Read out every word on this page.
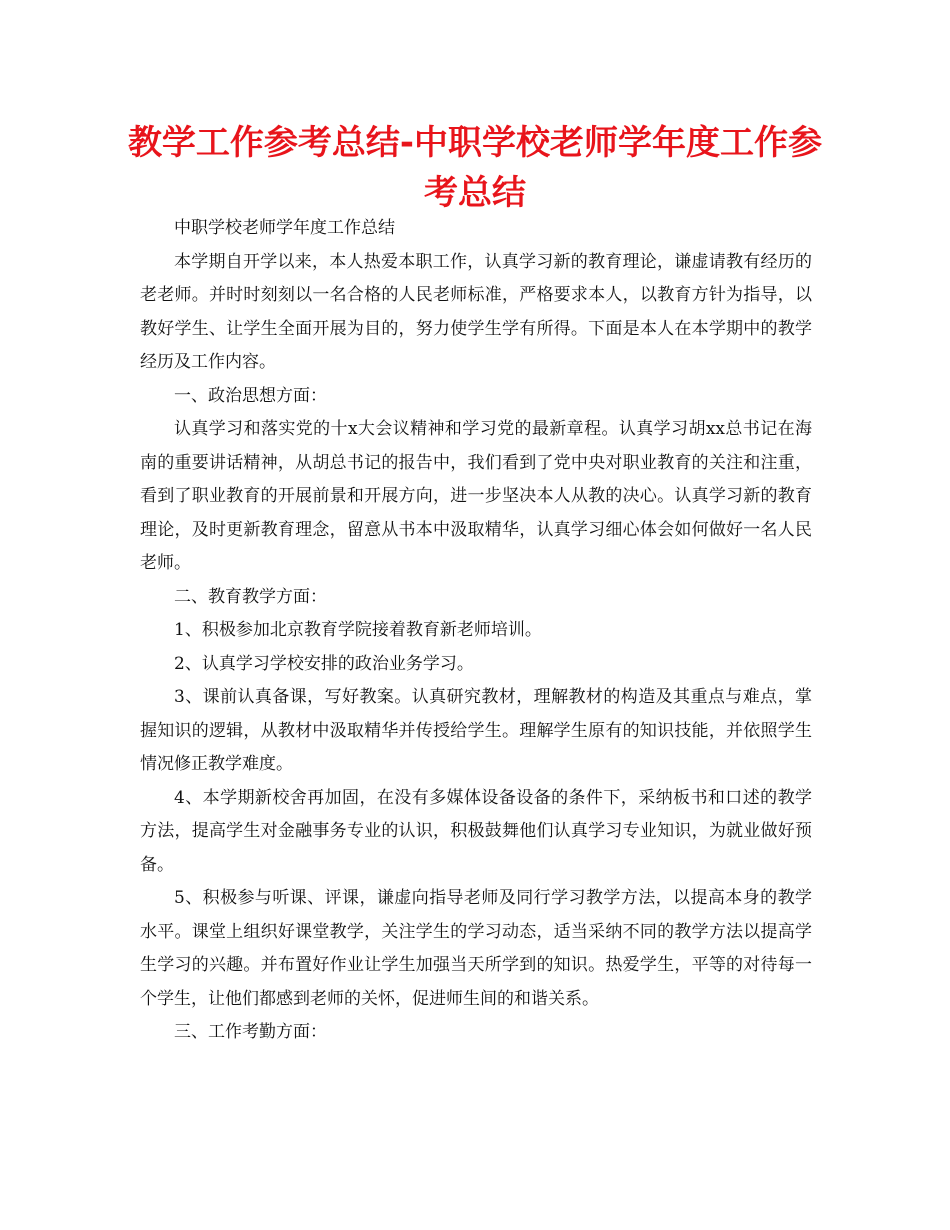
教学工作参考总结-中职学校老师学年度工作参考总结

中职学校老师学年度工作总结

本学期自开学以来，本人热爱本职工作，认真学习新的教育理论，谦虚请教有经历的老老师。并时时刻刻以一名合格的人民老师标准，严格要求本人，以教育方针为指导，以教好学生、让学生全面开展为目的，努力使学生学有所得。下面是本人在本学期中的教学经历及工作内容。

一、政治思想方面：

认真学习和落实党的十x大会议精神和学习党的最新章程。认真学习胡xx总书记在海南的重要讲话精神，从胡总书记的报告中，我们看到了党中央对职业教育的关注和注重，看到了职业教育的开展前景和开展方向，进一步坚决本人从教的决心。认真学习新的教育理论，及时更新教育理念，留意从书本中汲取精华，认真学习细心体会如何做好一名人民老师。

二、教育教学方面：

1、积极参加北京教育学院接着教育新老师培训。

2、认真学习学校安排的政治业务学习。

3、课前认真备课，写好教案。认真研究教材，理解教材的构造及其重点与难点，掌握知识的逻辑，从教材中汲取精华并传授给学生。理解学生原有的知识技能，并依照学生情况修正教学难度。

4、本学期新校舍再加固，在没有多媒体设备设备的条件下，采纳板书和口述的教学方法，提高学生对金融事务专业的认识，积极鼓舞他们认真学习专业知识，为就业做好预备。

5、积极参与听课、评课，谦虚向指导老师及同行学习教学方法，以提高本身的教学水平。课堂上组织好课堂教学，关注学生的学习动态，适当采纳不同的教学方法以提高学生学习的兴趣。并布置好作业让学生加强当天所学到的知识。热爱学生，平等的对待每一个学生，让他们都感到老师的关怀，促进师生间的和谐关系。

三、工作考勤方面：
